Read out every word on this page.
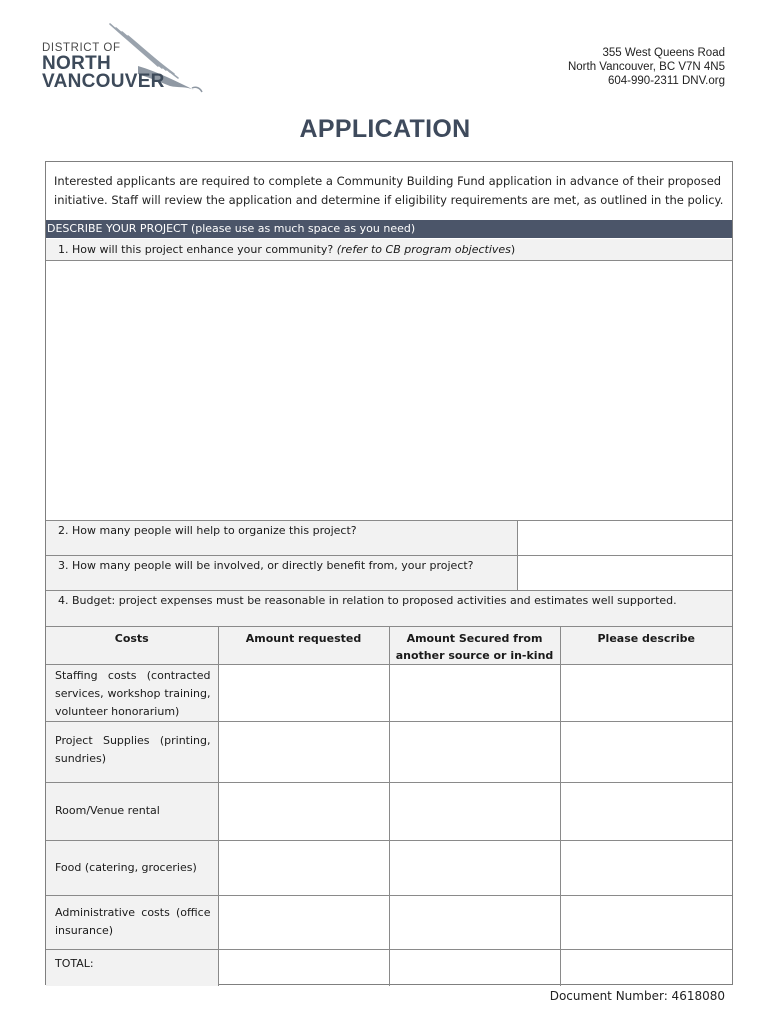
DISTRICT OF
NORTH
VANCOUVER
355 West Queens Road
North Vancouver, BC V7N 4N5
604-990-2311 DNV.org
APPLICATION
Interested applicants are required to complete a Community Building Fund application in advance of their proposed
initiative. Staff will review the application and determine if eligibility requirements are met, as outlined in the policy.
DESCRIBE YOUR PROJECT (please use as much space as you need)
1. How will this project enhance your community? (refer to CB program objectives)
2. How many people will help to organize this project?
3. How many people will be involved, or directly benefit from, your project?
4. Budget: project expenses must be reasonable in relation to proposed activities and estimates well supported.
Costs	Amount requested	Amount Secured from another source or in-kind	Please describe
Staffing costs (contracted services, workshop training, volunteer honorarium)			
Project Supplies (printing, sundries)			
Room/Venue rental			
Food (catering, groceries)			
Administrative costs (office insurance)			
TOTAL:			
Document Number: 4618080
